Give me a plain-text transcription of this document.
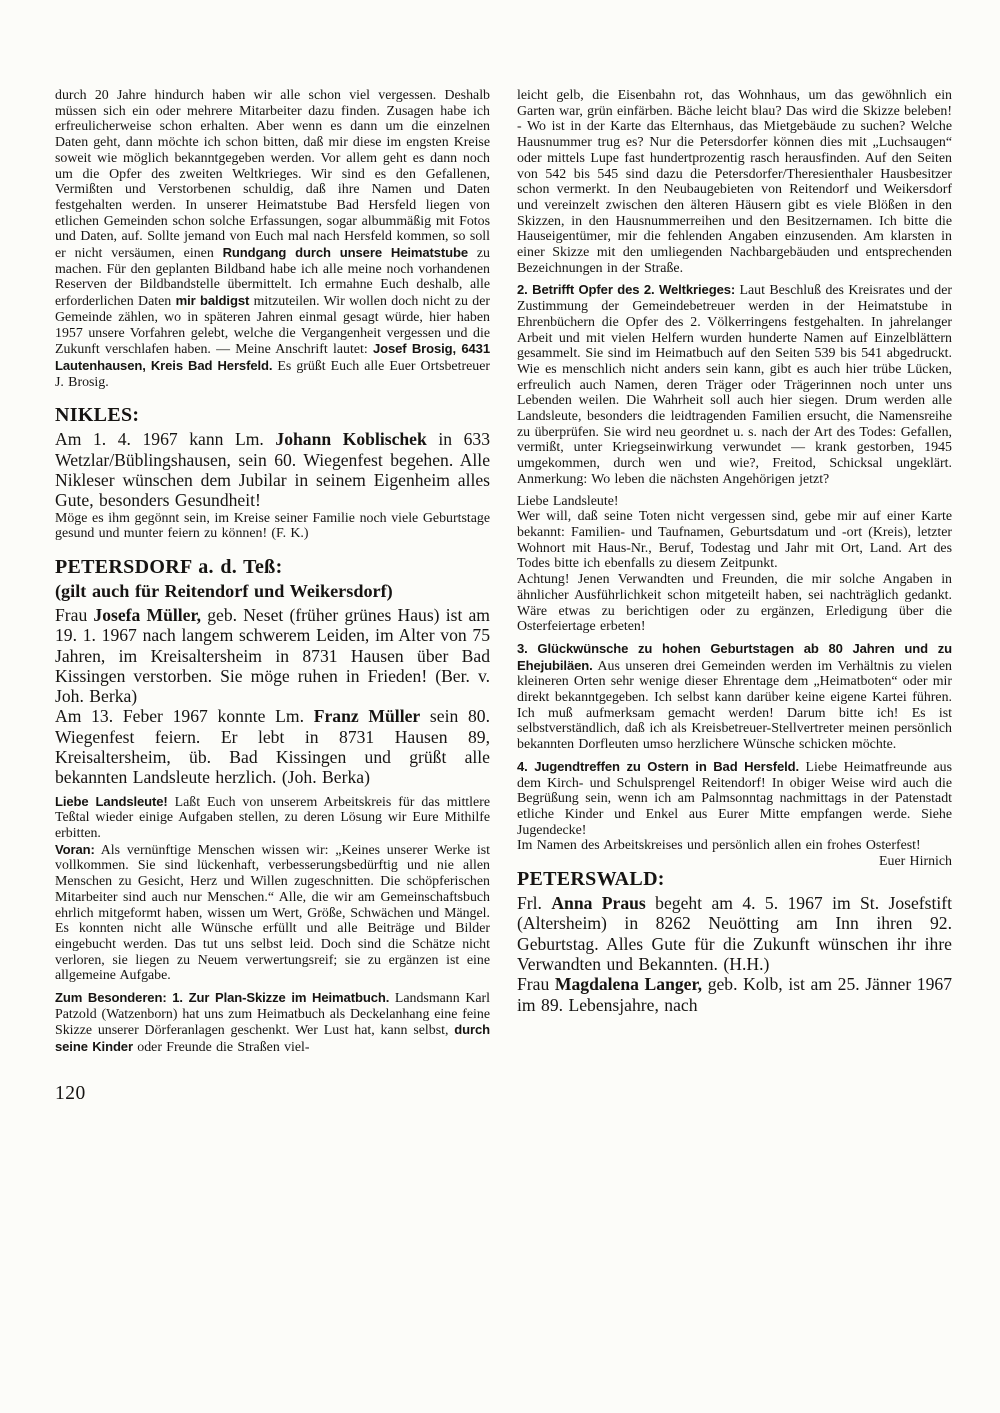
durch 20 Jahre hindurch haben wir alle schon viel vergessen. Deshalb müssen sich ein oder mehrere Mitarbeiter dazu finden. Zusagen habe ich erfreulicherweise schon erhalten. Aber wenn es dann um die einzelnen Daten geht, dann möchte ich schon bitten, daß mir diese im engsten Kreise soweit wie möglich bekanntgegeben werden. Vor allem geht es dann noch um die Opfer des zweiten Weltkrieges. Wir sind es den Gefallenen, Vermißten und Verstorbenen schuldig, daß ihre Namen und Daten festgehalten werden. In unserer Heimatstube Bad Hersfeld liegen von etlichen Gemeinden schon solche Erfassungen, sogar albummäßig mit Fotos und Daten, auf. Sollte jemand von Euch mal nach Hersfeld kommen, so soll er nicht versäumen, einen Rundgang durch unsere Heimatstube zu machen. Für den geplanten Bildband habe ich alle meine noch vorhandenen Reserven der Bildbandstelle übermittelt. Ich ermahne Euch deshalb, alle erforderlichen Daten mir baldigst mitzuteilen. Wir wollen doch nicht zu der Gemeinde zählen, wo in späteren Jahren einmal gesagt würde, hier haben 1957 unsere Vorfahren gelebt, welche die Vergangenheit vergessen und die Zukunft verschlafen haben. — Meine Anschrift lautet: Josef Brosig, 6431 Lautenhausen, Kreis Bad Hersfeld. Es grüßt Euch alle Euer Ortsbetreuer J. Brosig.
NIKLES:
Am 1. 4. 1967 kann Lm. Johann Koblischek in 633 Wetzlar/Büblingshausen, sein 60. Wiegenfest begehen. Alle Nikleser wünschen dem Jubilar in seinem Eigenheim alles Gute, besonders Gesundheit!
Möge es ihm gegönnt sein, im Kreise seiner Familie noch viele Geburtstage gesund und munter feiern zu können! (F. K.)
PETERSDORF a. d. Teß:
(gilt auch für Reitendorf und Weikersdorf)
Frau Josefa Müller, geb. Neset (früher grünes Haus) ist am 19. 1. 1967 nach langem schwerem Leiden, im Alter von 75 Jahren, im Kreisaltersheim in 8731 Hausen über Bad Kissingen verstorben. Sie möge ruhen in Frieden! (Ber. v. Joh. Berka)
Am 13. Feber 1967 konnte Lm. Franz Müller sein 80. Wiegenfest feiern. Er lebt in 8731 Hausen 89, Kreisaltersheim, üb. Bad Kissingen und grüßt alle bekannten Landsleute herzlich. (Joh. Berka)
Liebe Landsleute! Laßt Euch von unserem Arbeitskreis für das mittlere Teßtal wieder einige Aufgaben stellen, zu deren Lösung wir Eure Mithilfe erbitten.
Voran: Als vernünftige Menschen wissen wir: „Keines unserer Werke ist vollkommen. Sie sind lückenhaft, verbesserungsbedürftig und nie allen Menschen zu Gesicht, Herz und Willen zugeschnitten. Die schöpferischen Mitarbeiter sind auch nur Menschen.“ Alle, die wir am Gemeinschaftsbuch ehrlich mitgeformt haben, wissen um Wert, Größe, Schwächen und Mängel. Es konnten nicht alle Wünsche erfüllt und alle Beiträge und Bilder eingebucht werden. Das tut uns selbst leid. Doch sind die Schätze nicht verloren, sie liegen zu Neuem verwertungsreif; sie zu ergänzen ist eine allgemeine Aufgabe.
Zum Besonderen: 1. Zur Plan-Skizze im Heimatbuch. Landsmann Karl Patzold (Watzenborn) hat uns zum Heimatbuch als Deckelanhang eine feine Skizze unserer Dörferanlagen geschenkt. Wer Lust hat, kann selbst, durch seine Kinder oder Freunde die Straßen viel-
120
leicht gelb, die Eisenbahn rot, das Wohnhaus, um das gewöhnlich ein Garten war, grün einfärben. Bäche leicht blau? Das wird die Skizze beleben! - Wo ist in der Karte das Elternhaus, das Mietgebäude zu suchen? Welche Hausnummer trug es? Nur die Petersdorfer können dies mit „Luchsaugen“ oder mittels Lupe fast hundertprozentig rasch herausfinden. Auf den Seiten von 542 bis 545 sind dazu die Petersdorfer/Theresienthaler Hausbesitzer schon vermerkt. In den Neubaugebieten von Reitendorf und Weikersdorf und vereinzelt zwischen den älteren Häusern gibt es viele Blößen in den Skizzen, in den Hausnummerreihen und den Besitzernamen. Ich bitte die Hauseigentümer, mir die fehlenden Angaben einzusenden. Am klarsten in einer Skizze mit den umliegenden Nachbargebäuden und entsprechenden Bezeichnungen in der Straße.
2. Betrifft Opfer des 2. Weltkrieges: Laut Beschluß des Kreisrates und der Zustimmung der Gemeindebetreuer werden in der Heimatstube in Ehrenbüchern die Opfer des 2. Völkerringens festgehalten. In jahrelanger Arbeit und mit vielen Helfern wurden hunderte Namen auf Einzelblättern gesammelt. Sie sind im Heimatbuch auf den Seiten 539 bis 541 abgedruckt. Wie es menschlich nicht anders sein kann, gibt es auch hier trübe Lücken, erfreulich auch Namen, deren Träger oder Trägerinnen noch unter uns Lebenden weilen. Die Wahrheit soll auch hier siegen. Drum werden alle Landsleute, besonders die leidtragenden Familien ersucht, die Namensreihe zu überprüfen. Sie wird neu geordnet u. s. nach der Art des Todes: Gefallen, vermißt, unter Kriegseinwirkung verwundet — krank gestorben, 1945 umgekommen, durch wen und wie?, Freitod, Schicksal ungeklärt. Anmerkung: Wo leben die nächsten Angehörigen jetzt?
Liebe Landsleute!
Wer will, daß seine Toten nicht vergessen sind, gebe mir auf einer Karte bekannt: Familien- und Taufnamen, Geburtsdatum und -ort (Kreis), letzter Wohnort mit Haus-Nr., Beruf, Todestag und Jahr mit Ort, Land. Art des Todes bitte ich ebenfalls zu diesem Zeitpunkt.
Achtung! Jenen Verwandten und Freunden, die mir solche Angaben in ähnlicher Ausführlichkeit schon mitgeteilt haben, sei nachträglich gedankt. Wäre etwas zu berichtigen oder zu ergänzen, Erledigung über die Osterfeiertage erbeten!
3. Glückwünsche zu hohen Geburtstagen ab 80 Jahren und zu Ehejubiläen. Aus unseren drei Gemeinden werden im Verhältnis zu vielen kleineren Orten sehr wenige dieser Ehrentage dem „Heimatboten“ oder mir direkt bekanntgegeben. Ich selbst kann darüber keine eigene Kartei führen. Ich muß aufmerksam gemacht werden! Darum bitte ich! Es ist selbstverständlich, daß ich als Kreisbetreuer-Stellvertreter meinen persönlich bekannten Dorfleuten umso herzlichere Wünsche schicken möchte.
4. Jugendtreffen zu Ostern in Bad Hersfeld. Liebe Heimatfreunde aus dem Kirch- und Schulsprengel Reitendorf! In obiger Weise wird auch die Begrüßung sein, wenn ich am Palmsonntag nachmittags in der Patenstadt etliche Kinder und Enkel aus Eurer Mitte empfangen werde. Siehe Jugendecke!
Im Namen des Arbeitskreises und persönlich allen ein frohes Osterfest!
Euer Hirnich
PETERSWALD:
Frl. Anna Praus begeht am 4. 5. 1967 im St. Josefstift (Altersheim) in 8262 Neuötting am Inn ihren 92. Geburtstag. Alles Gute für die Zukunft wünschen ihr ihre Verwandten und Bekannten. (H.H.)
Frau Magdalena Langer, geb. Kolb, ist am 25. Jänner 1967 im 89. Lebensjahre, nach
